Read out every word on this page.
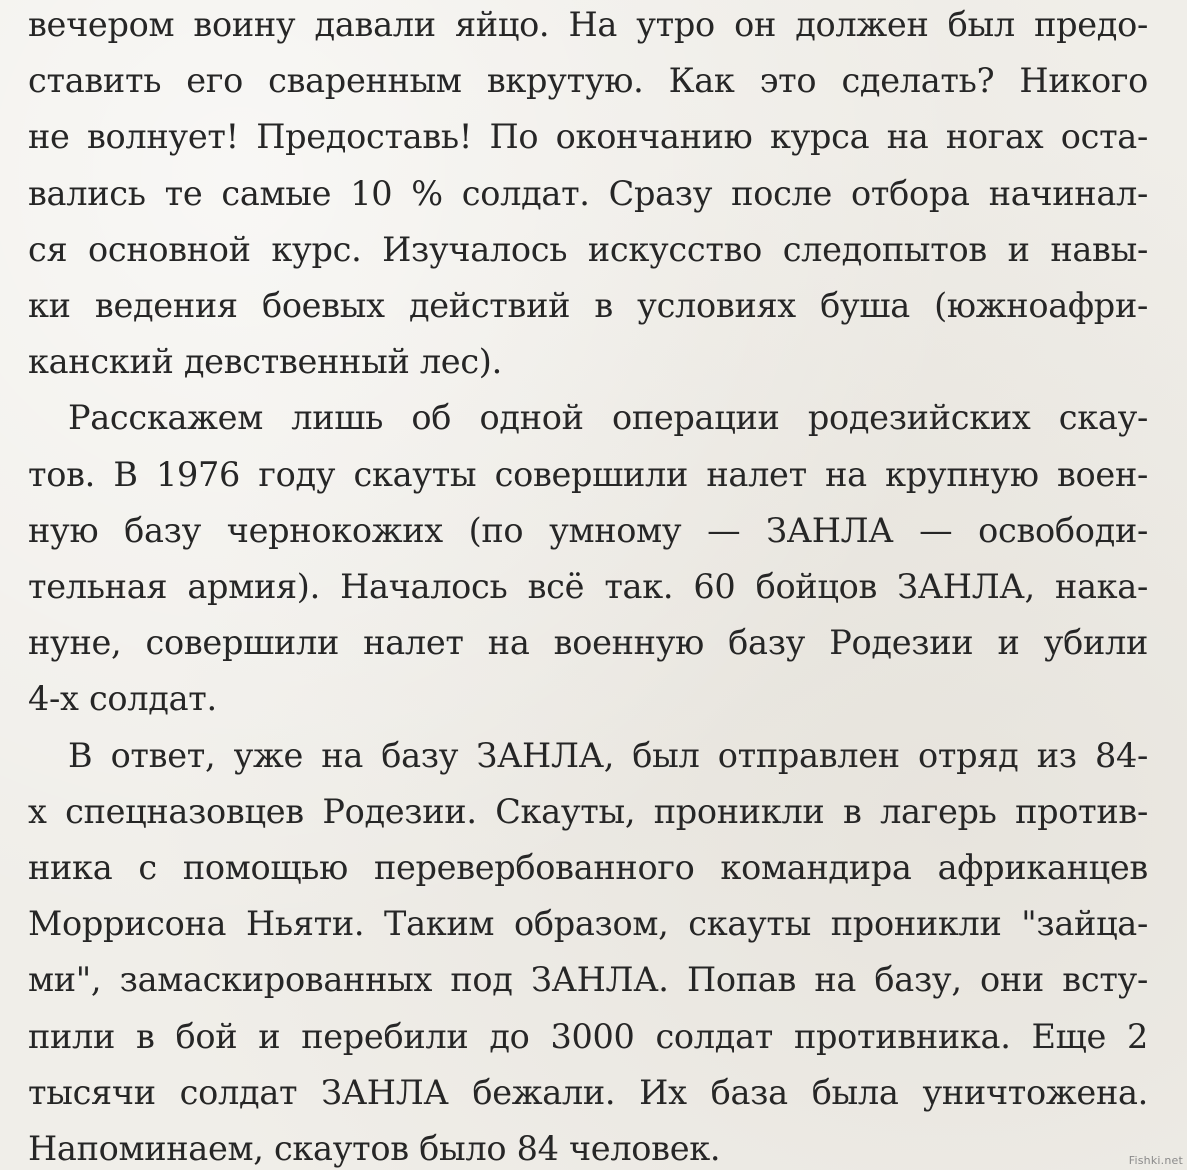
вечером воину давали яйцо. На утро он должен был предо-
ставить его сваренным вкрутую. Как это сделать? Никого
не волнует! Предоставь! По окончанию курса на ногах оста-
вались те самые 10 % солдат. Сразу после отбора начинал-
ся основной курс. Изучалось искусство следопытов и навы-
ки ведения боевых действий в условиях буша (южноафри-
канский девственный лес).

Расскажем лишь об одной операции родезийских скау-
тов. В 1976 году скауты совершили налет на крупную воен-
ную базу чернокожих (по умному — ЗАНЛА — освободи-
тельная армия). Началось всё так. 60 бойцов ЗАНЛА, нака-
нуне, совершили налет на военную базу Родезии и убили
4-х солдат.

В ответ, уже на базу ЗАНЛА, был отправлен отряд из 84-
х спецназовцев Родезии. Скауты, проникли в лагерь против-
ника с помощью перевербованного командира африканцев
Моррисона Ньяти. Таким образом, скауты проникли "зайца-
ми", замаскированных под ЗАНЛА. Попав на базу, они всту-
пили в бой и перебили до 3000 солдат противника. Еще 2
тысячи солдат ЗАНЛА бежали. Их база была уничтожена.
Напоминаем, скаутов было 84 человек.	Fishki.net
